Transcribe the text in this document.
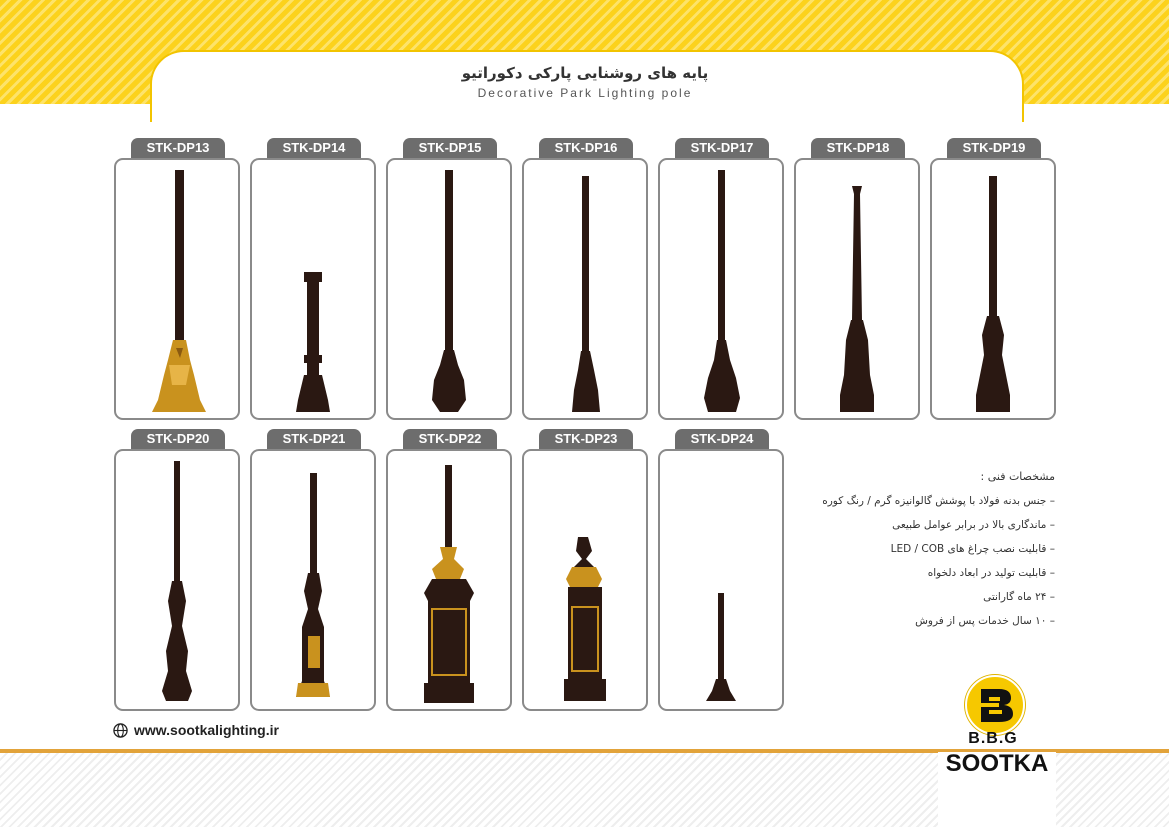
پایه های روشنایی پارکی دکوراتیو
Decorative Park Lighting pole
STK-DP13	STK-DP14	STK-DP15	STK-DP16	STK-DP17	STK-DP18	STK-DP19
STK-DP20	STK-DP21	STK-DP22	STK-DP23	STK-DP24
مشخصات فنی :
– جنس بدنه فولاد با پوشش گالوانیزه گرم / رنگ کوره
– ماندگاری بالا در برابر عوامل طبیعی
– قابلیت نصب چراغ های LED / COB
– قابلیت تولید در ابعاد دلخواه
– ۲۴ ماه گارانتی
– ۱۰ سال خدمات پس از فروش
www.sootkalighting.ir	B.B.G
SOOTKA
